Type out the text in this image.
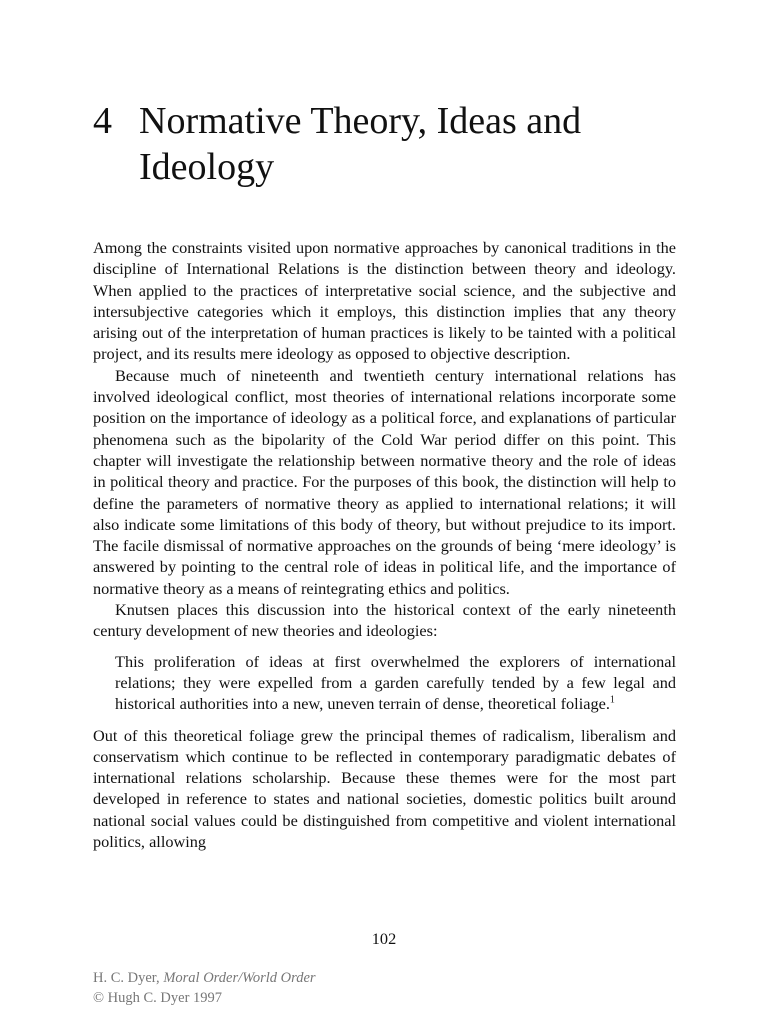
4 Normative Theory, Ideas and Ideology

Among the constraints visited upon normative approaches by canonical traditions in the discipline of International Relations is the distinction between theory and ideology. When applied to the practices of interpretative social science, and the subjective and intersubjective categories which it employs, this distinction implies that any theory arising out of the interpretation of human practices is likely to be tainted with a political project, and its results mere ideology as opposed to objective description.

Because much of nineteenth and twentieth century international relations has involved ideological conflict, most theories of international relations incorporate some position on the importance of ideology as a political force, and explanations of particular phenomena such as the bipolarity of the Cold War period differ on this point. This chapter will investigate the relationship between normative theory and the role of ideas in political theory and practice. For the purposes of this book, the distinction will help to define the parameters of normative theory as applied to international relations; it will also indicate some limitations of this body of theory, but without prejudice to its import. The facile dismissal of normative approaches on the grounds of being ‘mere ideology’ is answered by pointing to the central role of ideas in political life, and the importance of normative theory as a means of reintegrating ethics and politics.

Knutsen places this discussion into the historical context of the early nineteenth century development of new theories and ideologies:

This proliferation of ideas at first overwhelmed the explorers of international relations; they were expelled from a garden carefully tended by a few legal and historical authorities into a new, uneven terrain of dense, theoretical foliage.$^1$

Out of this theoretical foliage grew the principal themes of radicalism, liberalism and conservatism which continue to be reflected in contemporary paradigmatic debates of international relations scholarship. Because these themes were for the most part developed in reference to states and national societies, domestic politics built around national social values could be distinguished from competitive and violent international politics, allowing

102
H. C. Dyer, Moral Order/World Order
© Hugh C. Dyer 1997
